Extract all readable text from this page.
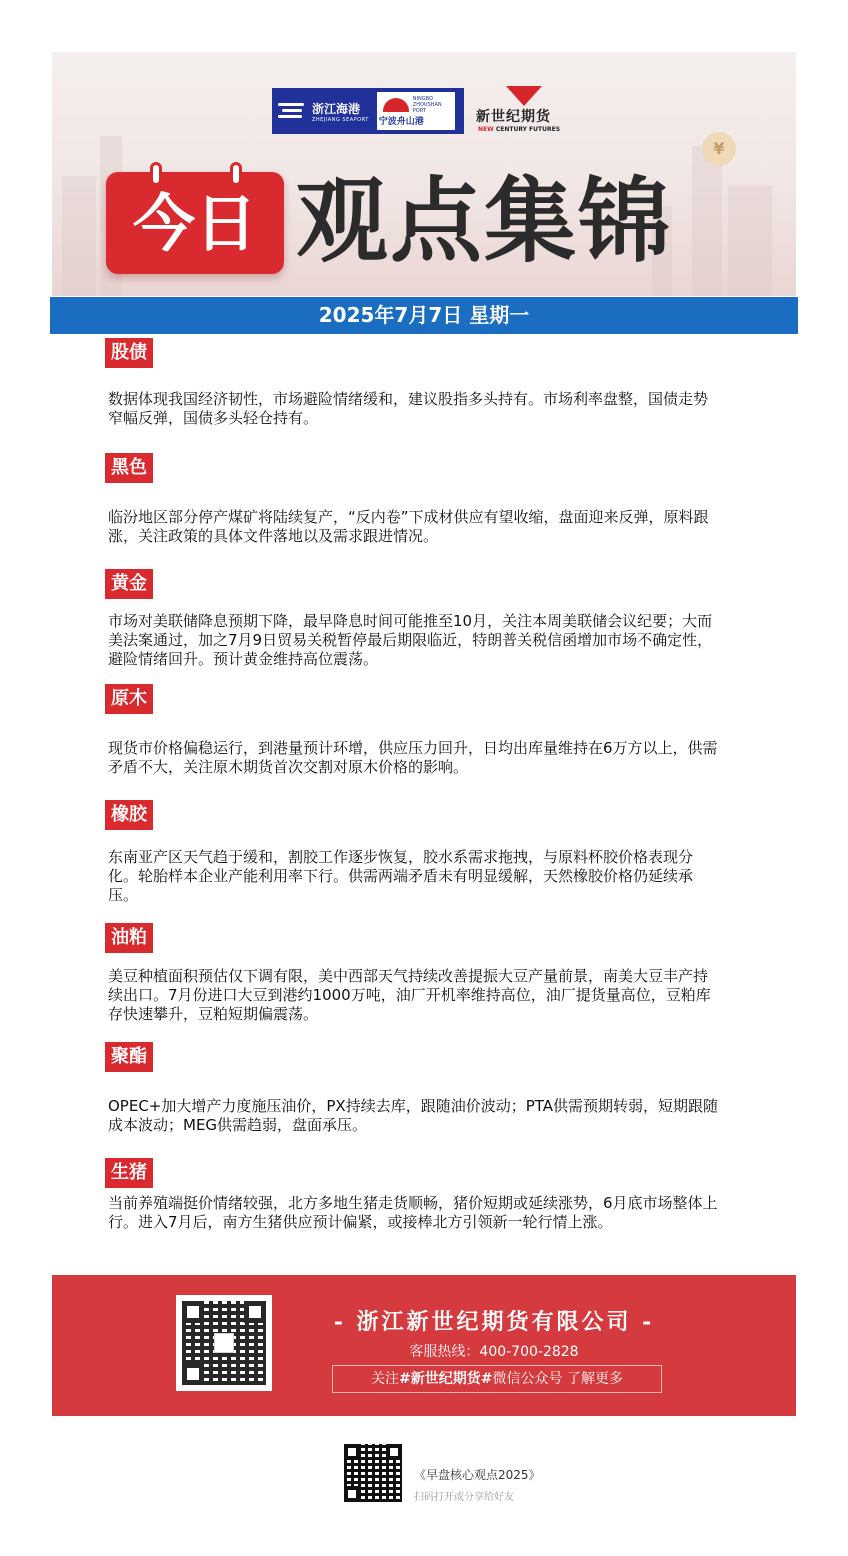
浙江海港
ZHEJIANG SEAPORT
NINGBO ZHOUSHAN PORT
宁波舟山港	新世纪期货
NEW CENTURY FUTURES
¥
今日 观点集锦
2025年7月7日 星期一
股债
数据体现我国经济韧性，市场避险情绪缓和，建议股指多头持有。市场利率盘整，国债走势窄幅反弹，国债多头轻仓持有。
黑色
临汾地区部分停产煤矿将陆续复产，“反内卷”下成材供应有望收缩，盘面迎来反弹，原料跟涨，关注政策的具体文件落地以及需求跟进情况。
黄金
市场对美联储降息预期下降，最早降息时间可能推至10月，关注本周美联储会议纪要；大而美法案通过，加之7月9日贸易关税暂停最后期限临近，特朗普关税信函增加市场不确定性，避险情绪回升。预计黄金维持高位震荡。
原木
现货市价格偏稳运行，到港量预计环增，供应压力回升，日均出库量维持在6万方以上，供需矛盾不大，关注原木期货首次交割对原木价格的影响。
橡胶
东南亚产区天气趋于缓和，割胶工作逐步恢复，胶水系需求拖拽，与原料杯胶价格表现分化。轮胎样本企业产能利用率下行。供需两端矛盾未有明显缓解，天然橡胶价格仍延续承压。
油粕
美豆种植面积预估仅下调有限，美中西部天气持续改善提振大豆产量前景，南美大豆丰产持续出口。7月份进口大豆到港约1000万吨，油厂开机率维持高位，油厂提货量高位，豆粕库存快速攀升，豆粕短期偏震荡。
聚酯
OPEC+加大增产力度施压油价，PX持续去库，跟随油价波动；PTA供需预期转弱，短期跟随成本波动；MEG供需趋弱，盘面承压。
生猪
当前养殖端挺价情绪较强，北方多地生猪走货顺畅，猪价短期或延续涨势，6月底市场整体上行。进入7月后，南方生猪供应预计偏紧，或接棒北方引领新一轮行情上涨。
- 浙江新世纪期货有限公司 -
客服热线：400-700-2828
关注#新世纪期货#微信公众号 了解更多
《早盘核心观点2025》
扫码打开或分享给好友
